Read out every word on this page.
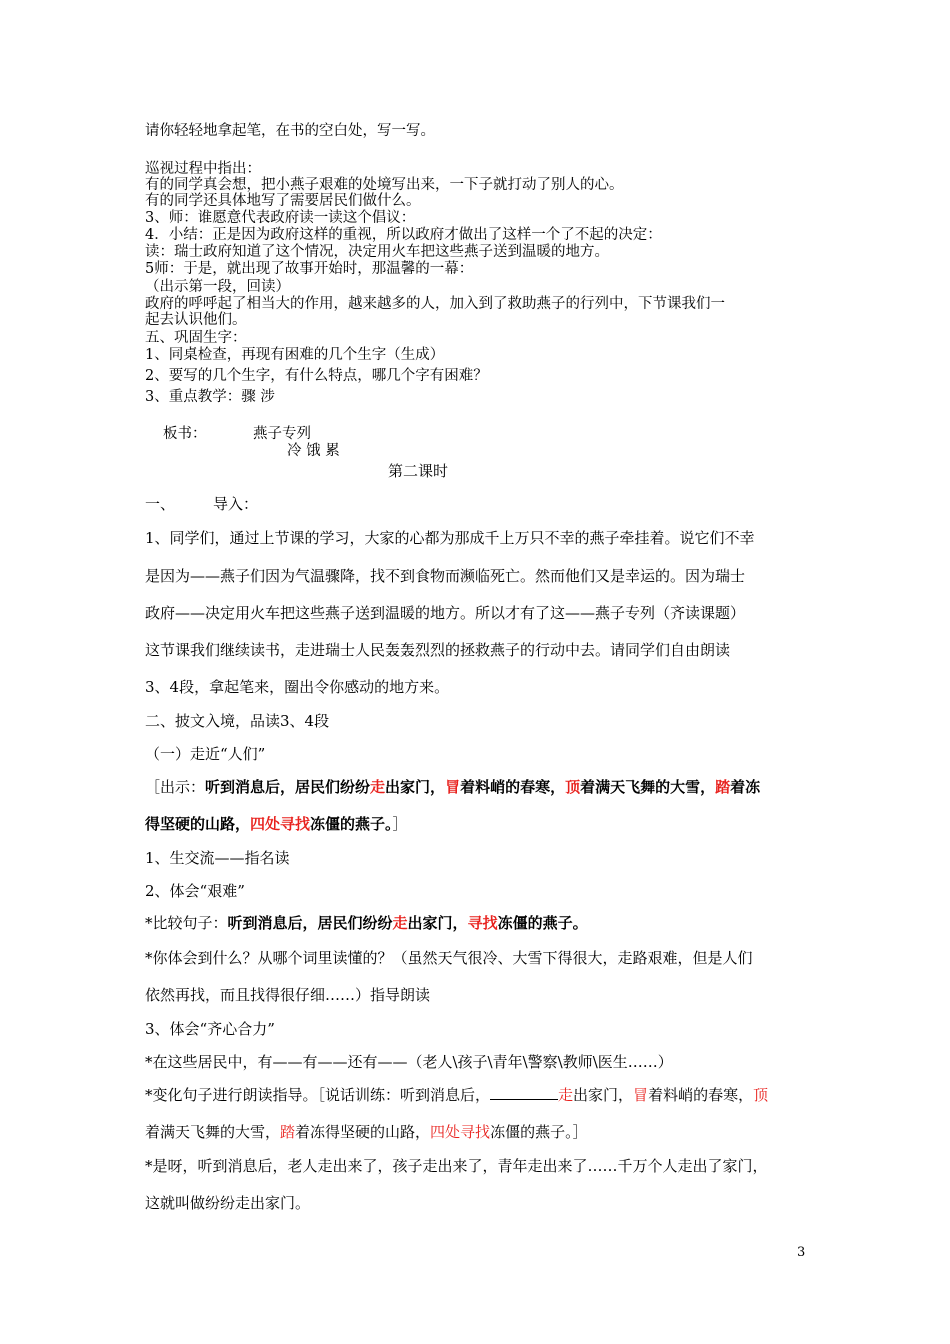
请你轻轻地拿起笔，在书的空白处，写一写。
巡视过程中指出：
有的同学真会想，把小燕子艰难的处境写出来，一下子就打动了别人的心。
有的同学还具体地写了需要居民们做什么。
3、师：谁愿意代表政府读一读这个倡议：
4．小结：正是因为政府这样的重视，所以政府才做出了这样一个了不起的决定：
读：瑞士政府知道了这个情况，决定用火车把这些燕子送到温暖的地方。
5师：于是，就出现了故事开始时，那温馨的一幕：
（出示第一段，回读）
政府的呼呼起了相当大的作用，越来越多的人，加入到了救助燕子的行列中，下节课我们一
起去认识他们。
五、巩固生字：
1、同桌检查，再现有困难的几个生字（生成）
2、要写的几个生字，有什么特点，哪几个字有困难？
3、重点教学：骤 涉
板书：	燕子专列
冷 饿 累
第二课时
一、	导入：
1、同学们，通过上节课的学习，大家的心都为那成千上万只不幸的燕子牵挂着。说它们不幸
是因为——燕子们因为气温骤降，找不到食物而濒临死亡。然而他们又是幸运的。因为瑞士
政府——决定用火车把这些燕子送到温暖的地方。所以才有了这——燕子专列（齐读课题）
这节课我们继续读书，走进瑞士人民轰轰烈烈的拯救燕子的行动中去。请同学们自由朗读
3、4段，拿起笔来，圈出令你感动的地方来。
二、披文入境，品读3、4段
（一）走近“人们”
［出示：听到消息后，居民们纷纷走出家门，冒着料峭的春寒，顶着满天飞舞的大雪，踏着冻
得坚硬的山路，四处寻找冻僵的燕子。］
1、生交流——指名读
2、体会“艰难”
*比较句子：听到消息后，居民们纷纷走出家门，寻找冻僵的燕子。
*你体会到什么？从哪个词里读懂的？（虽然天气很冷、大雪下得很大，走路艰难，但是人们
依然再找，而且找得很仔细……）指导朗读
3、体会“齐心合力”
*在这些居民中，有——有——还有——（老人\孩子\青年\警察\教师\医生……）
*变化句子进行朗读指导。［说话训练：听到消息后，	走出家门，冒着料峭的春寒，顶
着满天飞舞的大雪，踏着冻得坚硬的山路，四处寻找冻僵的燕子。］
*是呀，听到消息后，老人走出来了，孩子走出来了，青年走出来了……千万个人走出了家门，
这就叫做纷纷走出家门。
3
